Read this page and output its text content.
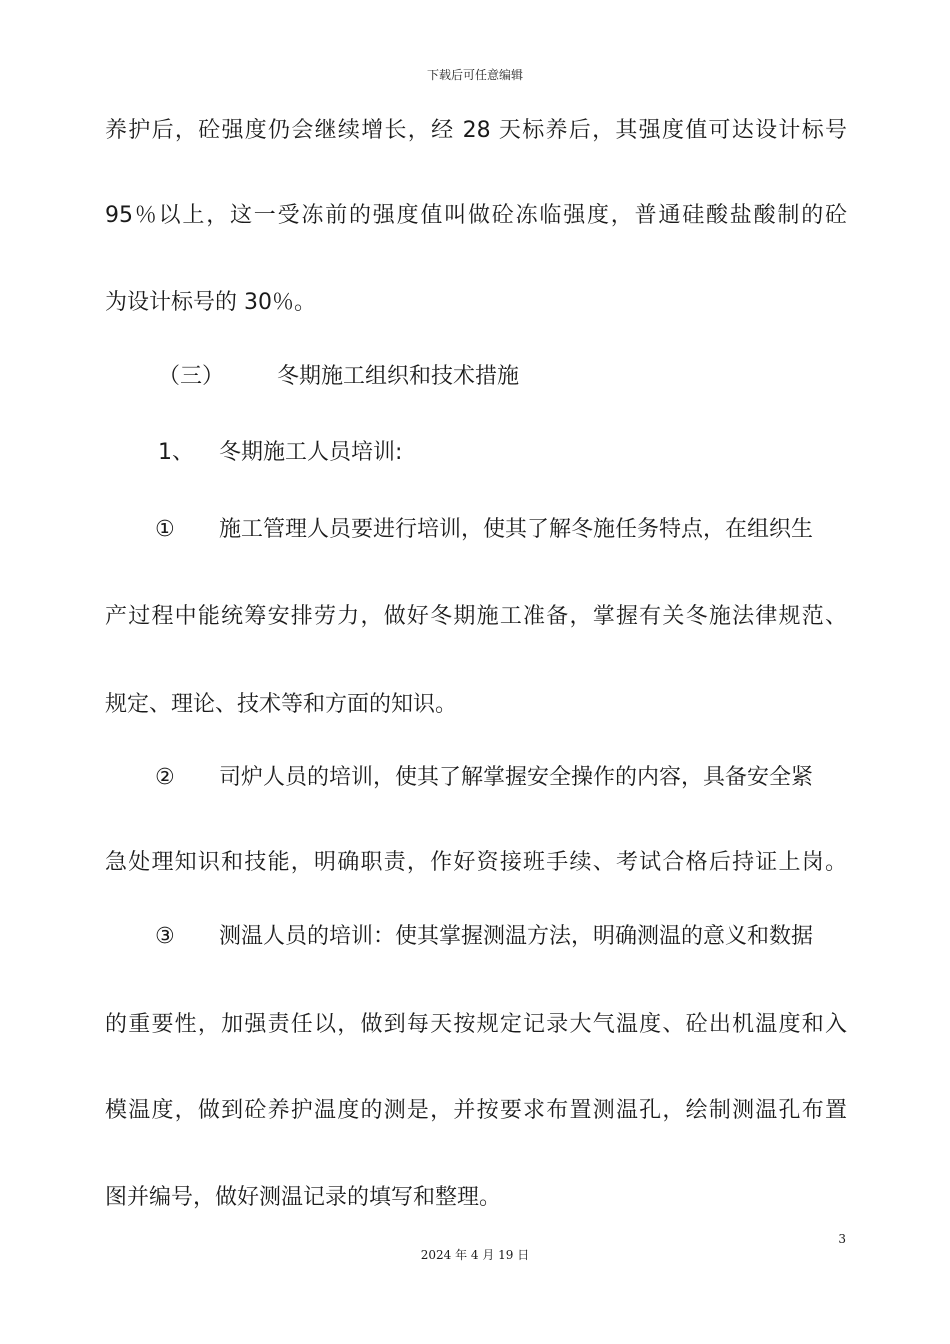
下载后可任意编辑
养护后，砼强度仍会继续增长，经 28 天标养后，其强度值可达设计标号
95％以上，这一受冻前的强度值叫做砼冻临强度，普通硅酸盐酸制的砼
为设计标号的 30％。
（三） 冬期施工组织和技术措施
1、 冬期施工人员培训:
① 施工管理人员要进行培训，使其了解冬施任务特点，在组织生
产过程中能统筹安排劳力，做好冬期施工准备，掌握有关冬施法律规范、
规定、理论、技术等和方面的知识。
② 司炉人员的培训，使其了解掌握安全操作的内容，具备安全紧
急处理知识和技能，明确职责，作好资接班手续、考试合格后持证上岗。
③ 测温人员的培训：使其掌握测温方法，明确测温的意义和数据
的重要性，加强责任以，做到每天按规定记录大气温度、砼出机温度和入
模温度，做到砼养护温度的测是，并按要求布置测温孔，绘制测温孔布置
图并编号，做好测温记录的填写和整理。
3
2024 年 4 月 19 日
